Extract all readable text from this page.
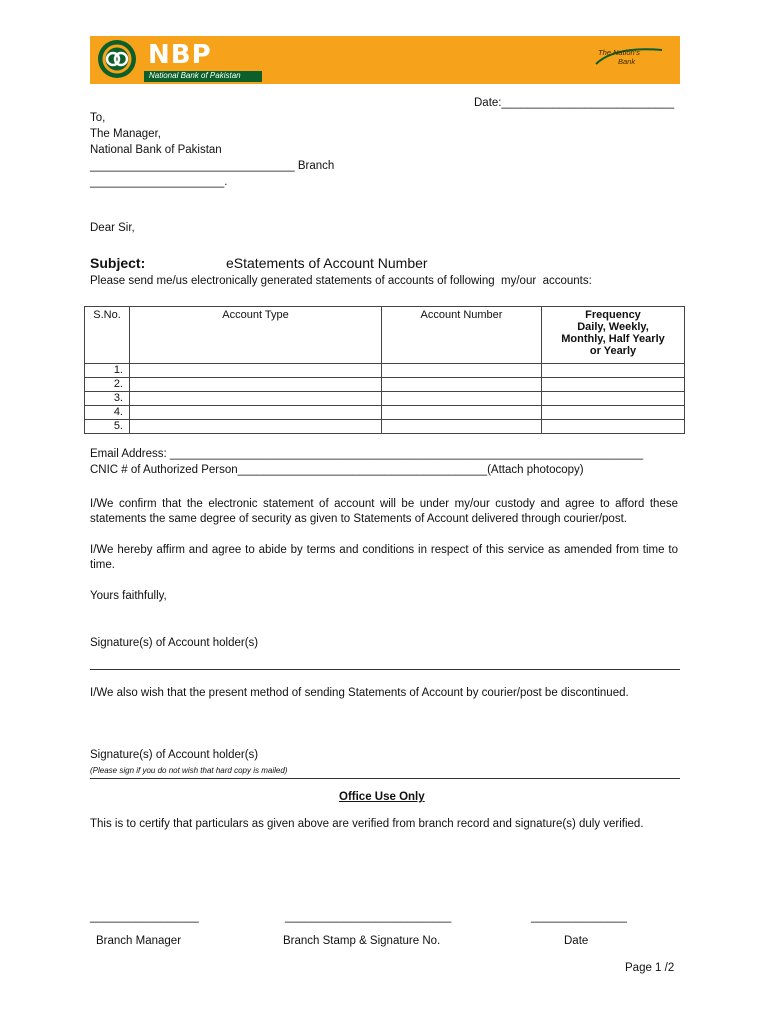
NBP
National Bank of Pakistan
The Nation's
Bank
Date:___________________________
To,
The Manager,
National Bank of Pakistan
________________________________ Branch
_____________________.
Dear Sir,
Subject:	eStatements of Account Number
Please send me/us electronically generated statements of accounts of following  my/our  accounts:
S.No.	Account Type	Account Number	Frequency
Daily, Weekly,
Monthly, Half Yearly
or Yearly

1.			
2.			
3.			
4.			
5.			
Email Address: __________________________________________________________________________
CNIC # of Authorized Person_______________________________________(Attach photocopy)
I/We confirm that the electronic statement of account will be under my/our custody and agree to afford these statements the same degree of security as given to Statements of Account delivered through courier/post.
I/We hereby affirm and agree to abide by terms and conditions in respect of this service as amended from time to time.
Yours faithfully,
Signature(s) of Account holder(s)
I/We also wish that the present method of sending Statements of Account by courier/post be discontinued.
Signature(s) of Account holder(s)
(Please sign if you do not wish that hard copy is mailed)
Office Use Only
This is to certify that particulars as given above are verified from branch record and signature(s) duly verified.
_________________	__________________________	_______________
Branch Manager	Branch Stamp & Signature No.	Date
Page 1 /2
